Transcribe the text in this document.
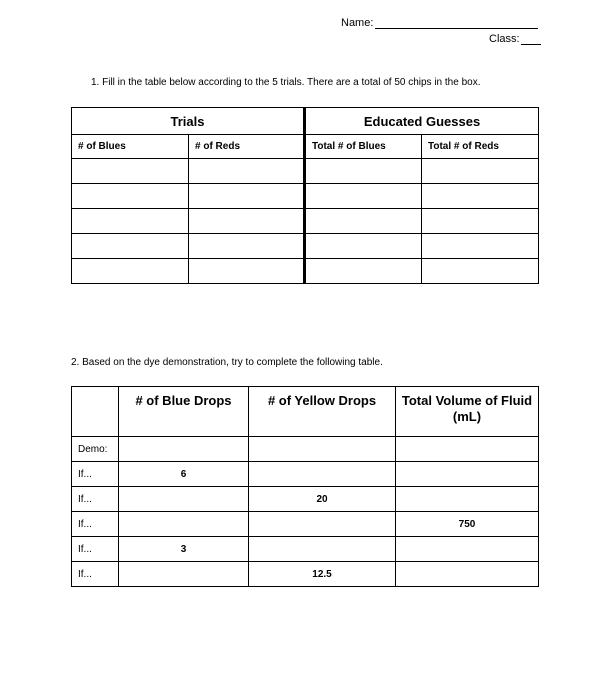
Name:
Class:
1. Fill in the table below according to the 5 trials. There are a total of 50 chips in the box.
Trials		Educated Guesses	
# of Blues	# of Reds	Total # of Blues	Total # of Reds

2. Based on the dye demonstration, try to complete the following table.
	# of Blue Drops	# of Yellow Drops	Total Volume of Fluid (mL)
Demo:			
If...	6		
If...		20	
If...			750
If...	3		
If...		12.5	
